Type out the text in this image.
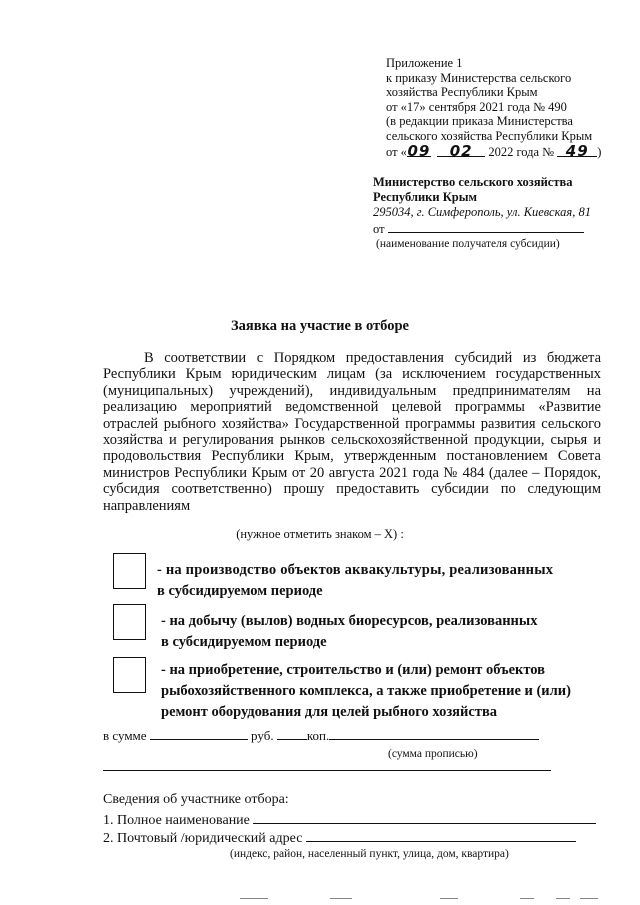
Приложение 1
к приказу Министерства сельского
хозяйства Республики Крым
от «17» сентября 2021 года № 490
(в редакции приказа Министерства
сельского хозяйства Республики Крым
от «09 02 2022 года № 49 )
Министерство сельского хозяйства
Республики Крым
295034, г. Симферополь, ул. Киевская, 81
от
(наименование получателя субсидии)
Заявка на участие в отборе

В соответствии с Порядком предоставления субсидий из бюджета Республики Крым юридическим лицам (за исключением государственных (муниципальных) учреждений), индивидуальным предпринимателям на реализацию мероприятий ведомственной целевой программы «Развитие отраслей рыбного хозяйства» Государственной программы развития сельского хозяйства и регулирования рынков сельскохозяйственной продукции, сырья и продовольствия Республики Крым, утвержденным постановлением Совета министров Республики Крым от 20 августа 2021 года № 484 (далее – Порядок, субсидия соответственно) прошу предоставить субсидии по следующим направлениям

(нужное отметить знаком – Х) :
- на производство объектов аквакультуры, реализованных
в субсидируемом периоде
- на добычу (вылов) водных биоресурсов, реализованных
в субсидируемом периоде
- на приобретение, строительство и (или) ремонт объектов
рыбохозяйственного комплекса, а также приобретение и (или)
ремонт оборудования для целей рыбного хозяйства
в сумме	руб.	коп.
(сумма прописью)
Сведения об участнике отбора:
1. Полное наименование
2. Почтовый /юридический адрес
(индекс, район, населенный пункт, улица, дом, квартира)
